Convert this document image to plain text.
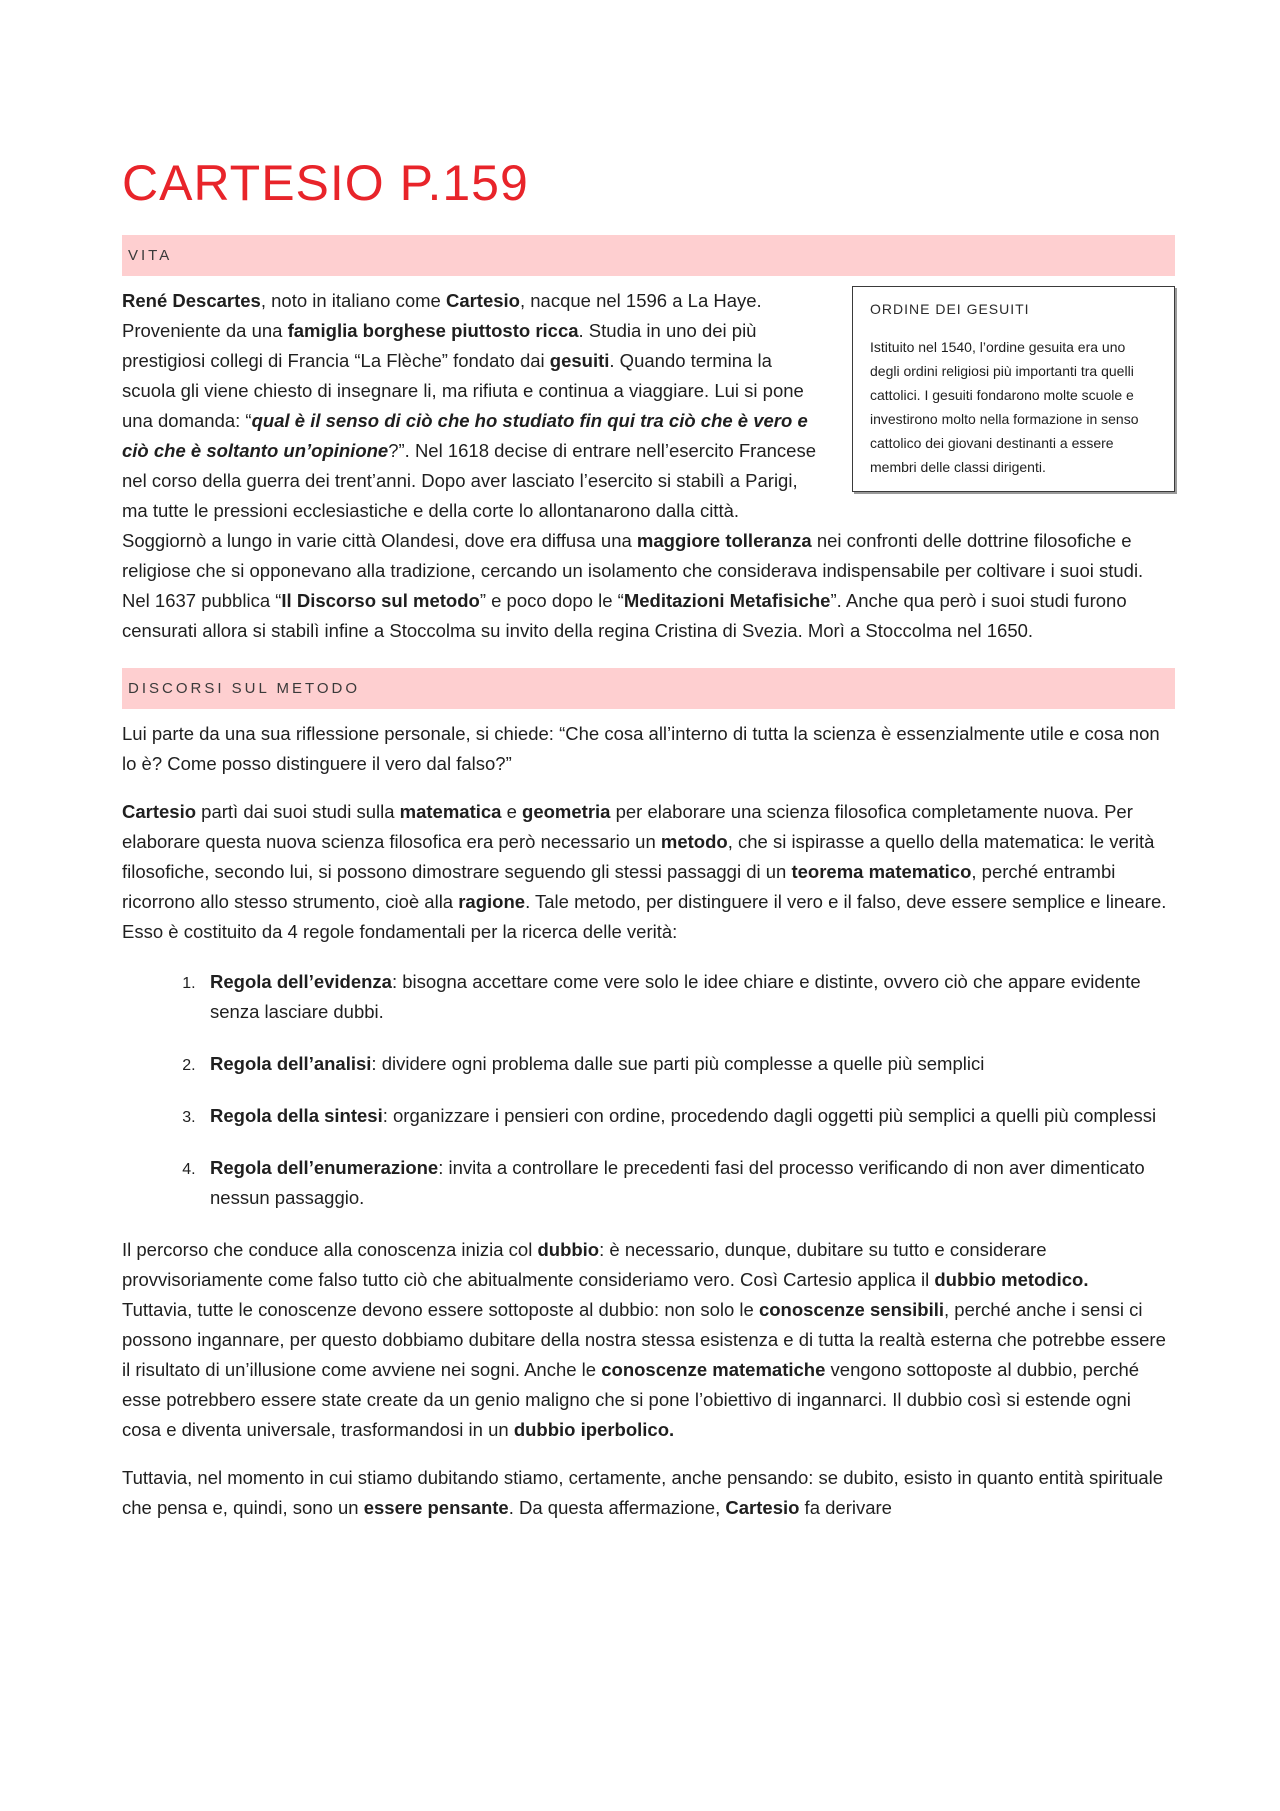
CARTESIO P.159
VITA
ORDINE DEI GESUITI
Istituito nel 1540, l’ordine gesuita era uno degli ordini religiosi più importanti tra quelli cattolici. I gesuiti fondarono molte scuole e investirono molto nella formazione in senso cattolico dei giovani destinanti a essere membri delle classi dirigenti.

René Descartes, noto in italiano come Cartesio, nacque nel 1596 a La Haye. Proveniente da una famiglia borghese piuttosto ricca. Studia in uno dei più prestigiosi collegi di Francia “La Flèche” fondato dai gesuiti. Quando termina la scuola gli viene chiesto di insegnare li, ma rifiuta e continua a viaggiare. Lui si pone una domanda: “qual è il senso di ciò che ho studiato fin qui tra ciò che è vero e ciò che è soltanto un’opinione?”. Nel 1618 decise di entrare nell’esercito Francese nel corso della guerra dei trent’anni. Dopo aver lasciato l’esercito si stabilì a Parigi, ma tutte le pressioni ecclesiastiche e della corte lo allontanarono dalla città. Soggiornò a lungo in varie città Olandesi, dove era diffusa una maggiore tolleranza nei confronti delle dottrine filosofiche e religiose che si opponevano alla tradizione, cercando un isolamento che considerava indispensabile per coltivare i suoi studi. Nel 1637 pubblica “Il Discorso sul metodo” e poco dopo le “Meditazioni Metafisiche”. Anche qua però i suoi studi furono censurati allora si stabilì infine a Stoccolma su invito della regina Cristina di Svezia. Morì a Stoccolma nel 1650.

DISCORSI SUL METODO

Lui parte da una sua riflessione personale, si chiede: “Che cosa all’interno di tutta la scienza è essenzialmente utile e cosa non lo è? Come posso distinguere il vero dal falso?”

Cartesio partì dai suoi studi sulla matematica e geometria per elaborare una scienza filosofica completamente nuova. Per elaborare questa nuova scienza filosofica era però necessario un metodo, che si ispirasse a quello della matematica: le verità filosofiche, secondo lui, si possono dimostrare seguendo gli stessi passaggi di un teorema matematico, perché entrambi ricorrono allo stesso strumento, cioè alla ragione. Tale metodo, per distinguere il vero e il falso, deve essere semplice e lineare. Esso è costituito da 4 regole fondamentali per la ricerca delle verità:

1. Regola dell’evidenza: bisogna accettare come vere solo le idee chiare e distinte, ovvero ciò che appare evidente senza lasciare dubbi.
2. Regola dell’analisi: dividere ogni problema dalle sue parti più complesse a quelle più semplici
3. Regola della sintesi: organizzare i pensieri con ordine, procedendo dagli oggetti più semplici a quelli più complessi
4. Regola dell’enumerazione: invita a controllare le precedenti fasi del processo verificando di non aver dimenticato nessun passaggio.

Il percorso che conduce alla conoscenza inizia col dubbio: è necessario, dunque, dubitare su tutto e considerare provvisoriamente come falso tutto ciò che abitualmente consideriamo vero. Così Cartesio applica il dubbio metodico.

Tuttavia, tutte le conoscenze devono essere sottoposte al dubbio: non solo le conoscenze sensibili, perché anche i sensi ci possono ingannare, per questo dobbiamo dubitare della nostra stessa esistenza e di tutta la realtà esterna che potrebbe essere il risultato di un’illusione come avviene nei sogni. Anche le conoscenze matematiche vengono sottoposte al dubbio, perché esse potrebbero essere state create da un genio maligno che si pone l’obiettivo di ingannarci. Il dubbio così si estende ogni cosa e diventa universale, trasformandosi in un dubbio iperbolico.

Tuttavia, nel momento in cui stiamo dubitando stiamo, certamente, anche pensando: se dubito, esisto in quanto entità spirituale che pensa e, quindi, sono un essere pensante. Da questa affermazione, Cartesio fa derivare
